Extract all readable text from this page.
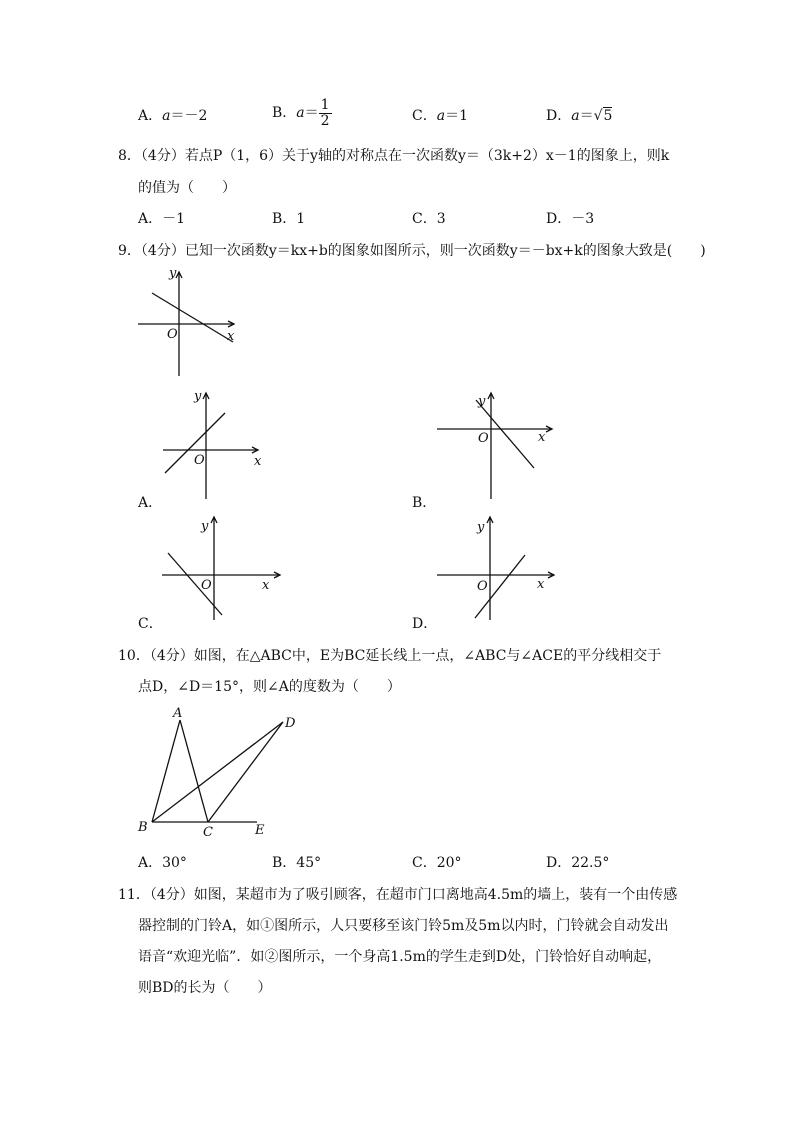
A．a＝－2	B．$a= \frac{1}{2}$	C．a＝1	D．a＝√5
8．（4分）若点P（1，6）关于y轴的对称点在一次函数y＝（3k+2）x－1的图象上，则k
的值为（　　）
A．－1	B．1	C．3	D．－3
9．（4分）已知一次函数y＝kx+b的图象如图所示，则一次函数y＝－bx+k的图象大致是(　　)
y
x
O
y
x
O
A．
y
x
O
B．
y
x
O
C．
y
x
O
D．
10．（4分）如图，在△ABC中，E为BC延长线上一点，∠ABC与∠ACE的平分线相交于
点D，∠D＝15°，则∠A的度数为（　　）
A
B	C
D
E
A．30°	B．45°	C．20°	D．22.5°
11．（4分）如图，某超市为了吸引顾客，在超市门口离地高4.5m的墙上，装有一个由传感
器控制的门铃A，如①图所示，人只要移至该门铃5m及5m以内时，门铃就会自动发出
语音“欢迎光临”．如②图所示，一个身高1.5m的学生走到D处，门铃恰好自动响起，
则BD的长为（　　）
